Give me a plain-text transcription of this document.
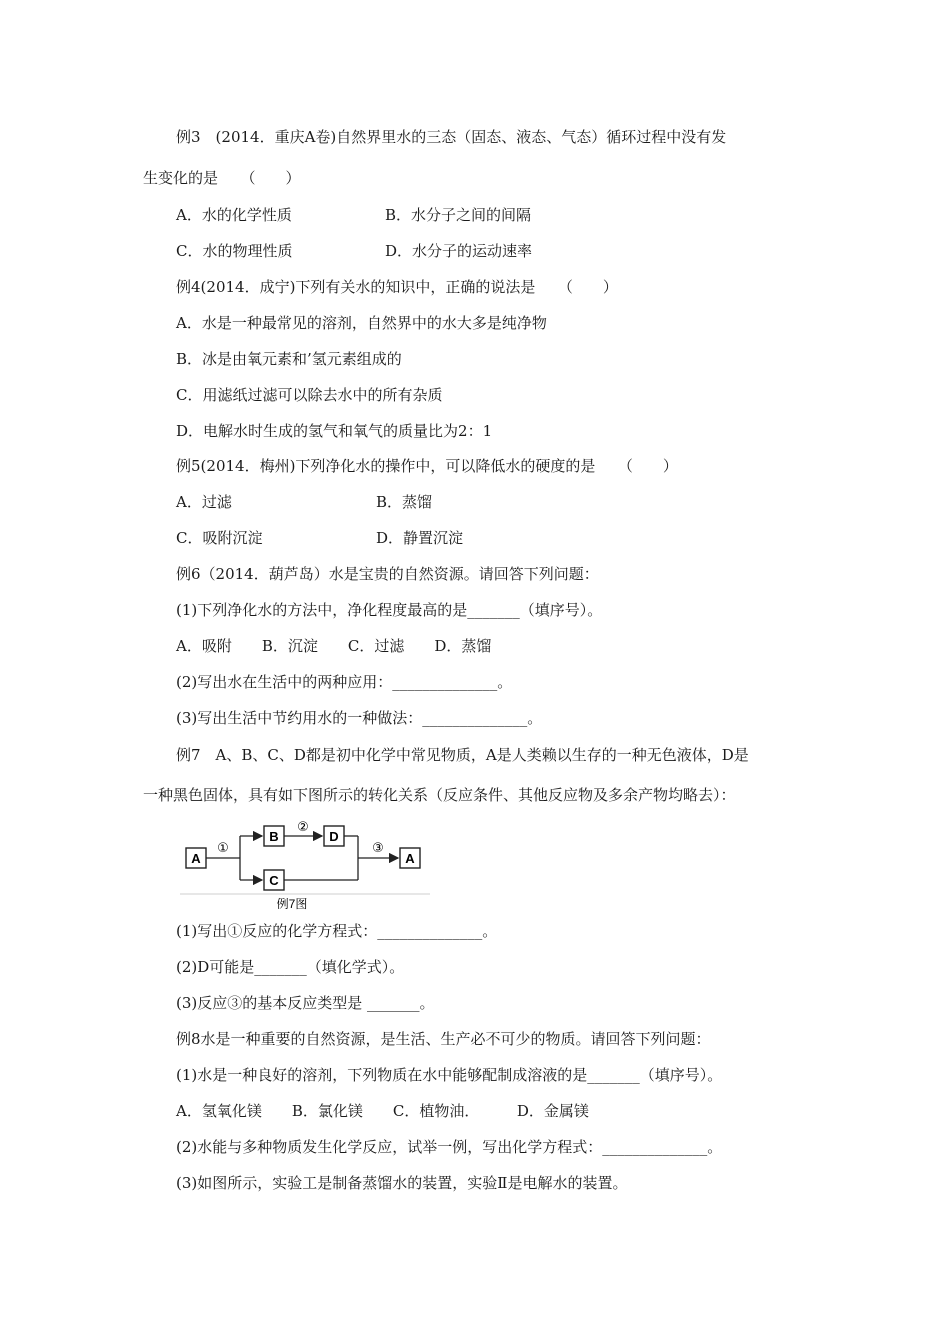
例3　(2014．重庆A卷)自然界里水的三态（固态、液态、气态）循环过程中没有发
生变化的是　　（　　）
A．水的化学性质	B．水分子之间的间隔
C．水的物理性质	D．水分子的运动速率
例4(2014．成宁)下列有关水的知识中，正确的说法是　　（　　）
A．水是一种最常见的溶剂，自然界中的水大多是纯净物
B．冰是由氧元素和’氢元素组成的
C．用滤纸过滤可以除去水中的所有杂质
D．电解水时生成的氢气和氧气的质量比为2：1
例5(2014．梅州)下列净化水的操作中，可以降低水的硬度的是　　（　　）
A．过滤	B．蒸馏
C．吸附沉淀	D．静置沉淀
例6（2014．葫芦岛）水是宝贵的自然资源。请回答下列问题：
(1)下列净化水的方法中，净化程度最高的是_______（填序号）。
A．吸附　　B．沉淀　　C．过滤　　D．蒸馏
(2)写出水在生活中的两种应用：______________。
(3)写出生活中节约用水的一种做法：______________。
例7　A、B、C、D都是初中化学中常见物质，A是人类赖以生存的一种无色液体，D是
一种黑色固体，具有如下图所示的转化关系（反应条件、其他反应物及多余产物均略去）：
A
①
B
②
D
C
③
A
例7图
(1)写出①反应的化学方程式：______________。
(2)D可能是_______（填化学式）。
(3)反应③的基本反应类型是 _______。
例8水是一种重要的自然资源，是生活、生产必不可少的物质。请回答下列问题：
(1)水是一种良好的溶剂，下列物质在水中能够配制成溶液的是_______（填序号）。
A．氢氧化镁　　B．氯化镁　　C．植物油．　　　D．金属镁
(2)水能与多种物质发生化学反应，试举一例，写出化学方程式：______________。
(3)如图所示，实验工是制备蒸馏水的装置，实验Ⅱ是电解水的装置。
